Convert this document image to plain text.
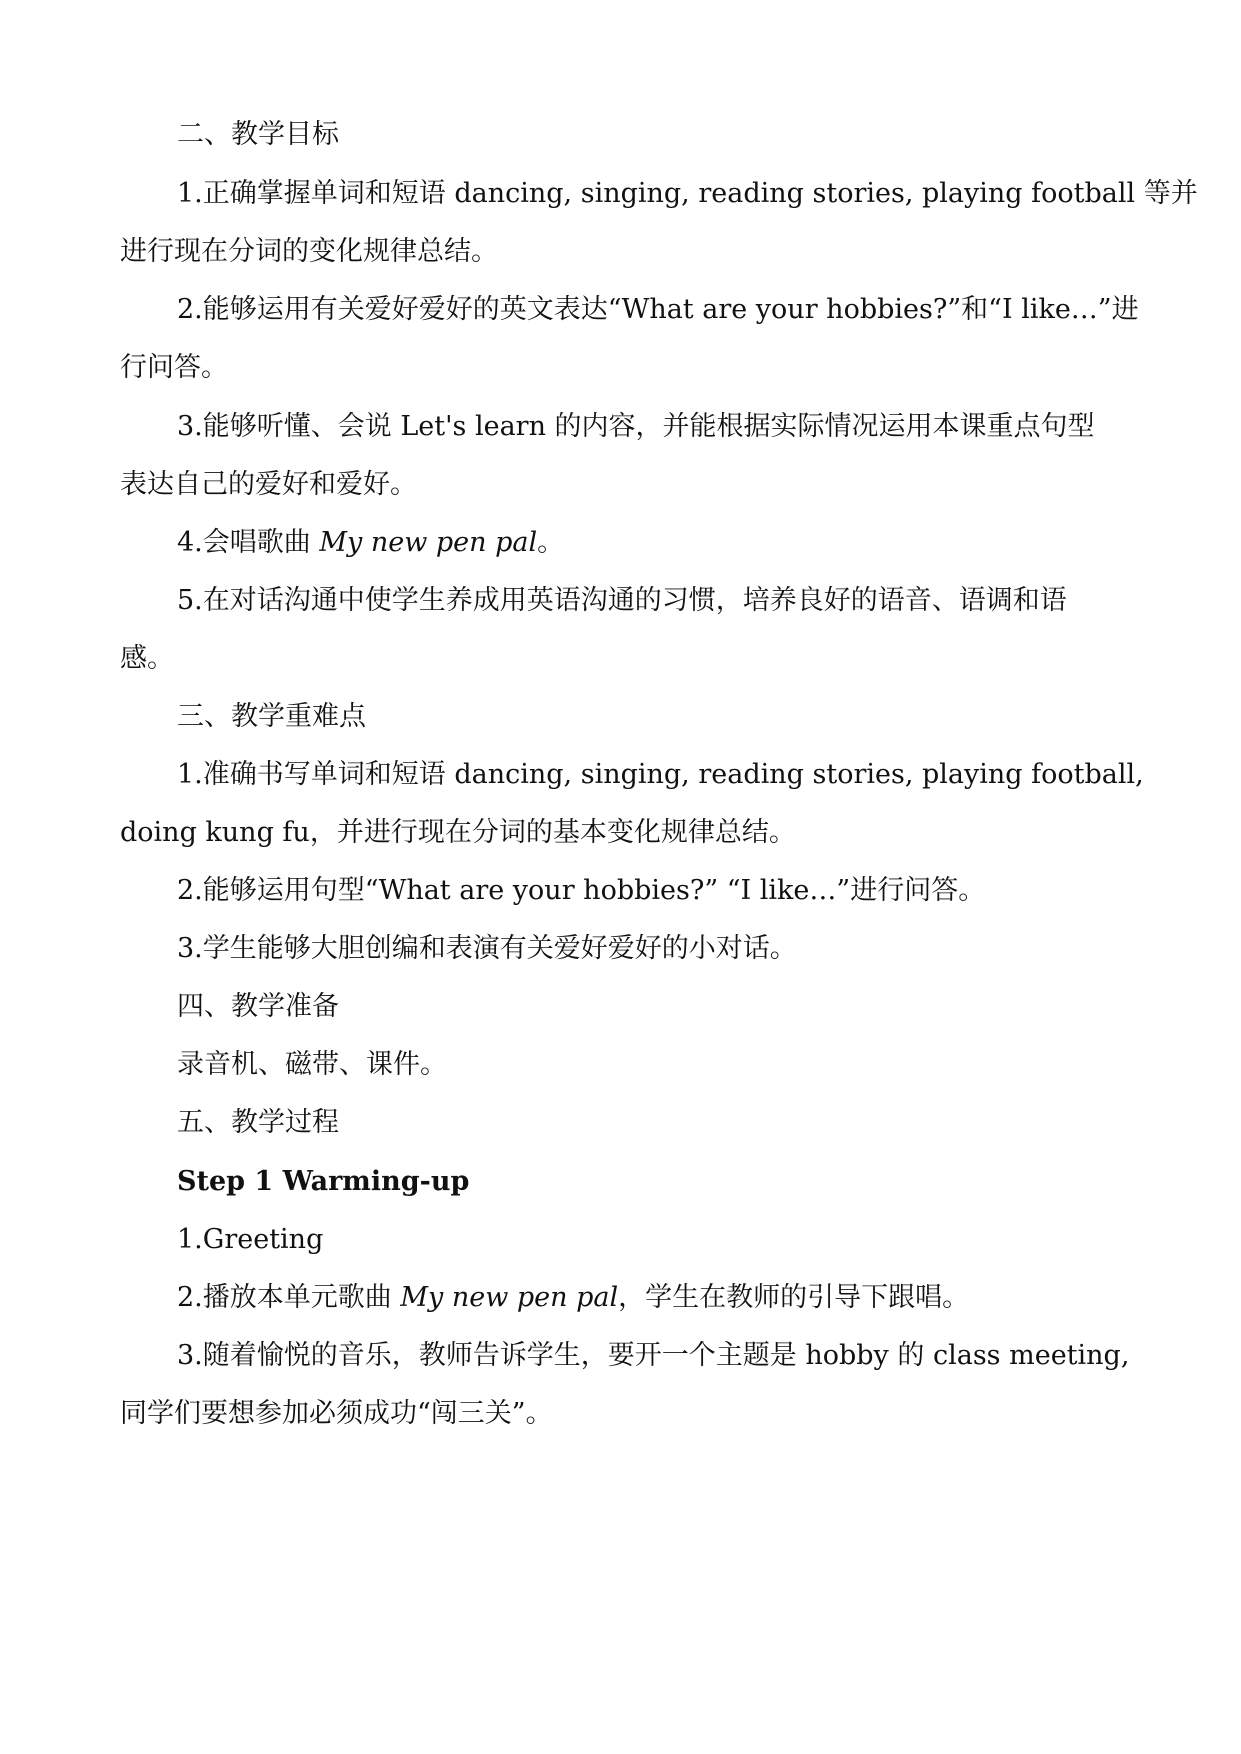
二、教学目标
1.正确掌握单词和短语 dancing, singing, reading stories, playing football 等并
进行现在分词的变化规律总结。
2.能够运用有关爱好爱好的英文表达“What are your hobbies?”和“I like…”进
行问答。
3.能够听懂、会说 Let's learn 的内容，并能根据实际情况运用本课重点句型
表达自己的爱好和爱好。
4.会唱歌曲 My new pen pal。
5.在对话沟通中使学生养成用英语沟通的习惯，培养良好的语音、语调和语
感。
三、教学重难点
1.准确书写单词和短语 dancing, singing, reading stories, playing football,
doing kung fu，并进行现在分词的基本变化规律总结。
2.能够运用句型“What are your hobbies?” “I like…”进行问答。
3.学生能够大胆创编和表演有关爱好爱好的小对话。
四、教学准备
录音机、磁带、课件。
五、教学过程
Step 1 Warming-up
1.Greeting
2.播放本单元歌曲 My new pen pal，学生在教师的引导下跟唱。
3.随着愉悦的音乐，教师告诉学生，要开一个主题是 hobby 的 class meeting,
同学们要想参加必须成功“闯三关”。
